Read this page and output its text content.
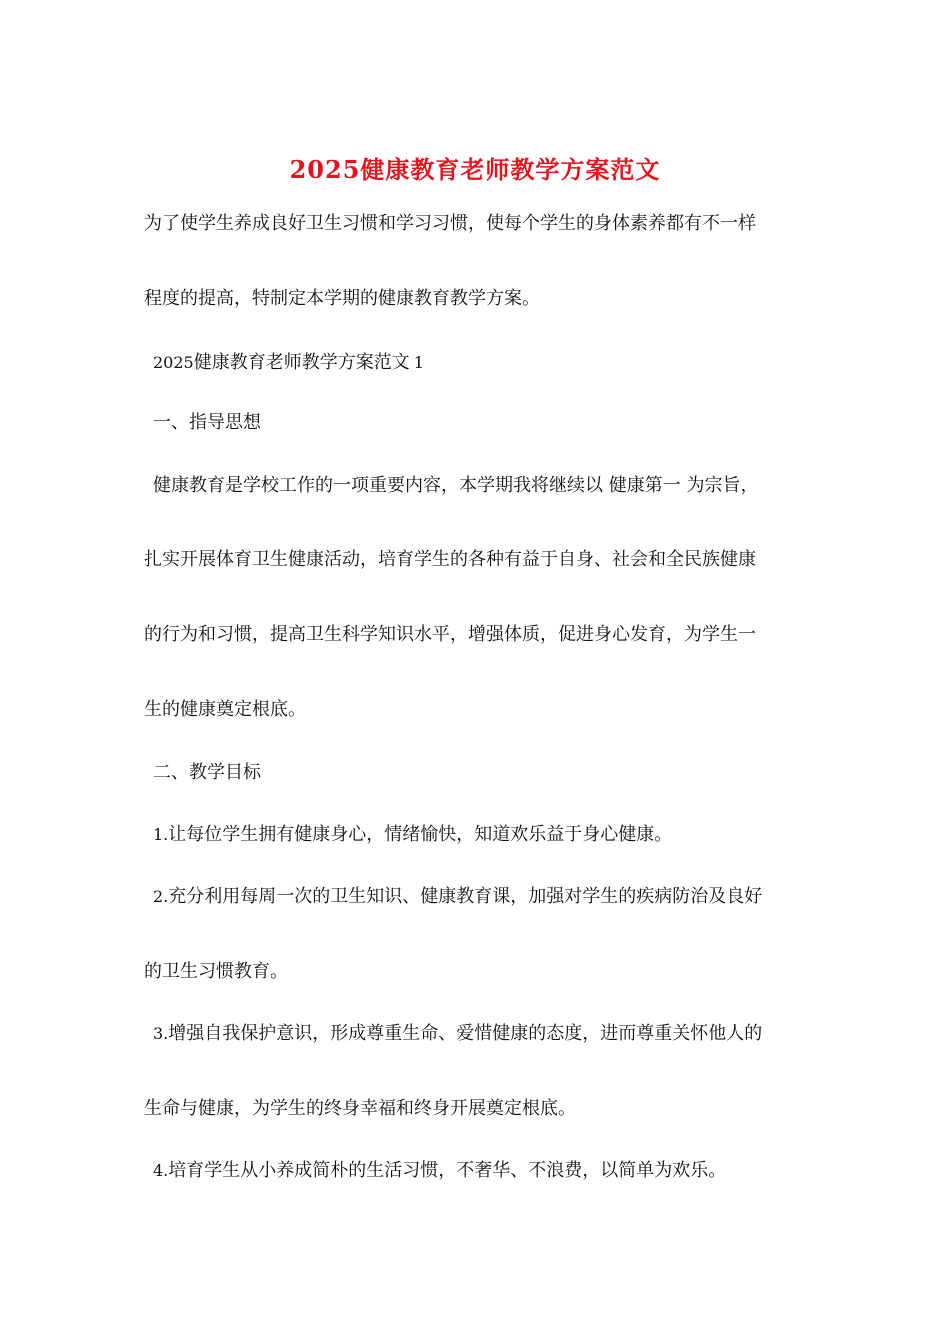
2025健康教育老师教学方案范文
为了使学生养成良好卫生习惯和学习习惯，使每个学生的身体素养都有不一样
程度的提高，特制定本学期的健康教育教学方案。
2025健康教育老师教学方案范文 1
一、指导思想
健康教育是学校工作的一项重要内容，本学期我将继续以 健康第一 为宗旨，
扎实开展体育卫生健康活动，培育学生的各种有益于自身、社会和全民族健康
的行为和习惯，提高卫生科学知识水平，增强体质，促进身心发育，为学生一
生的健康奠定根底。
二、教学目标
1.让每位学生拥有健康身心，情绪愉快，知道欢乐益于身心健康。
2.充分利用每周一次的卫生知识、健康教育课，加强对学生的疾病防治及良好
的卫生习惯教育。
3.增强自我保护意识，形成尊重生命、爱惜健康的态度，进而尊重关怀他人的
生命与健康，为学生的终身幸福和终身开展奠定根底。
4.培育学生从小养成简朴的生活习惯，不奢华、不浪费，以简单为欢乐。
